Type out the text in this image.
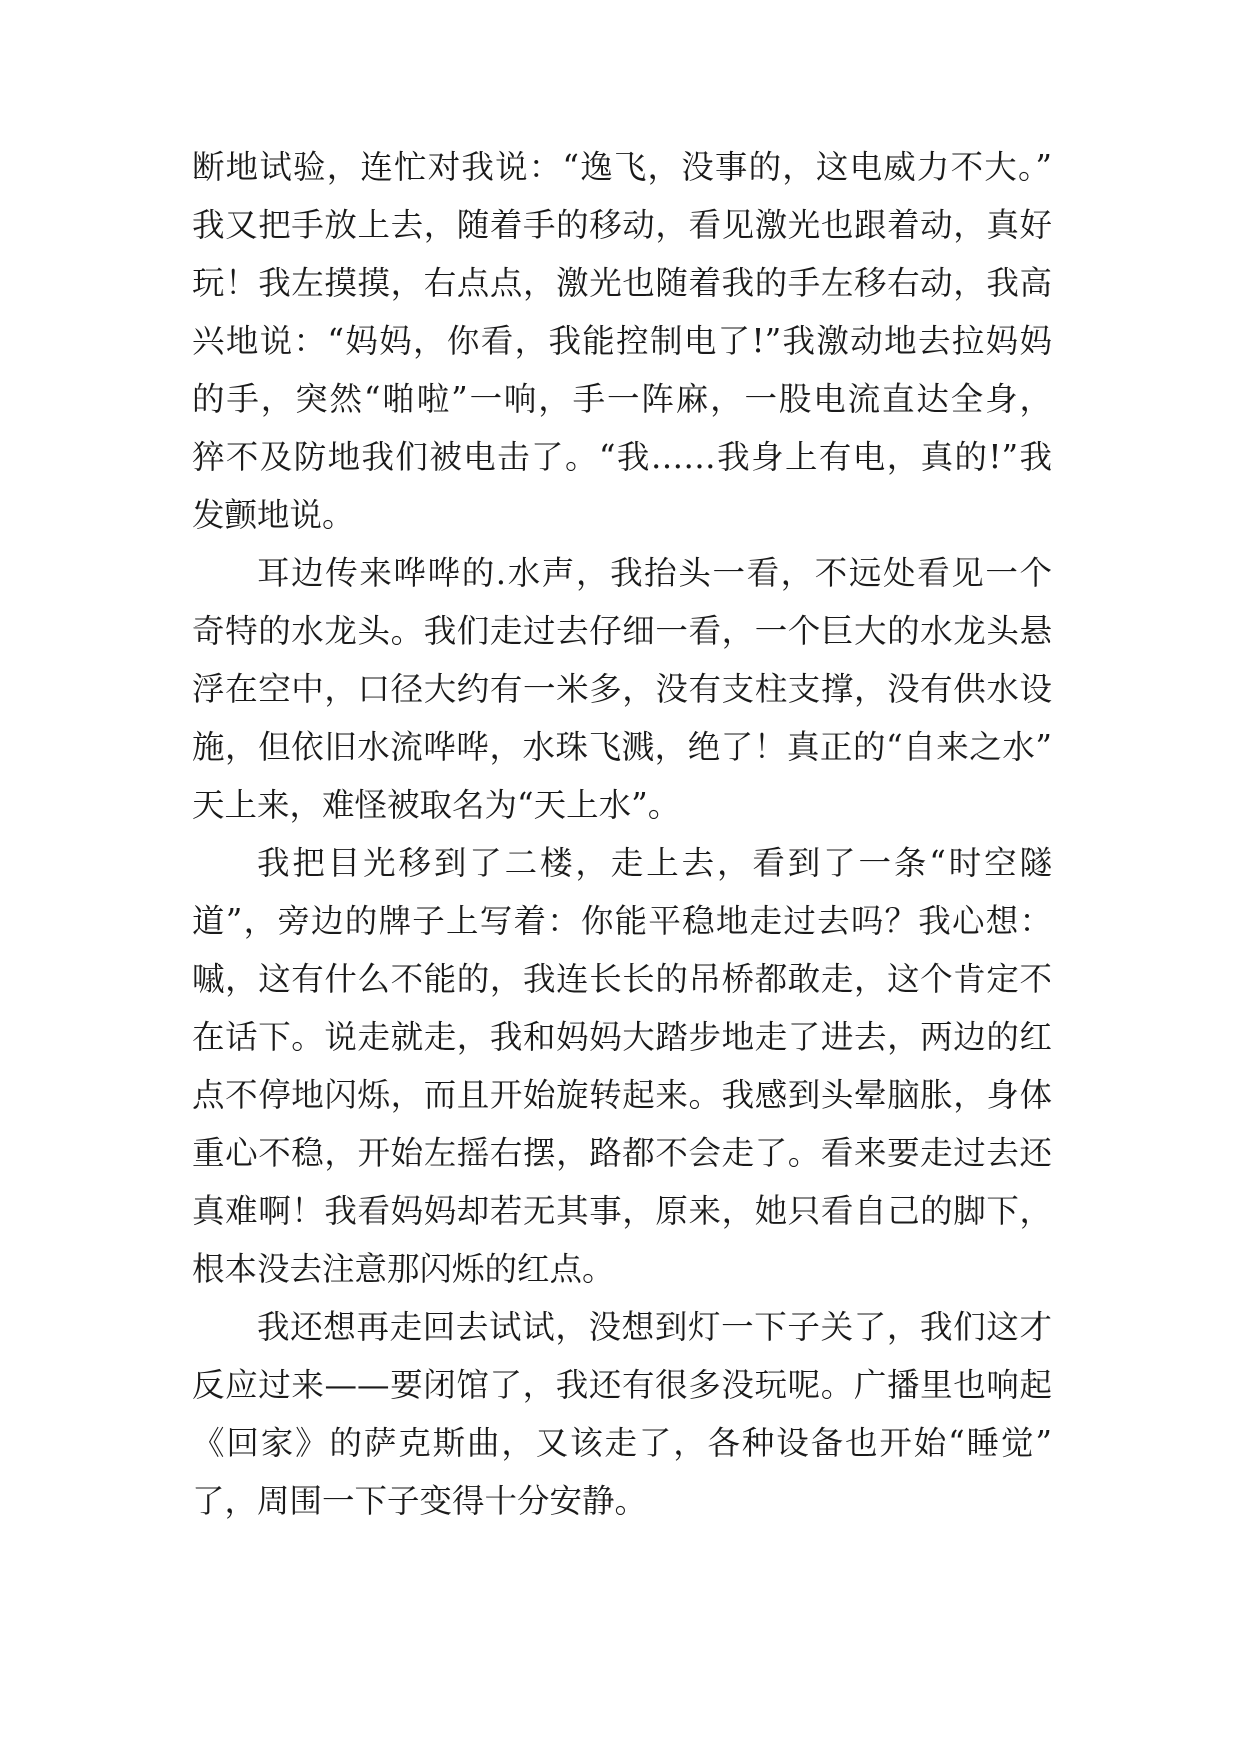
断地试验，连忙对我说：“逸飞，没事的，这电威力不大。”
我又把手放上去，随着手的移动，看见激光也跟着动，真好
玩！我左摸摸，右点点，激光也随着我的手左移右动，我高
兴地说：“妈妈，你看，我能控制电了!”我激动地去拉妈妈
的手，突然“啪啦”一响，手一阵麻，一股电流直达全身，
猝不及防地我们被电击了。“我……我身上有电，真的!”我
发颤地说。
耳边传来哗哗的.水声，我抬头一看，不远处看见一个
奇特的水龙头。我们走过去仔细一看，一个巨大的水龙头悬
浮在空中，口径大约有一米多，没有支柱支撑，没有供水设
施，但依旧水流哗哗，水珠飞溅，绝了！真正的“自来之水”
天上来，难怪被取名为“天上水”。
我把目光移到了二楼，走上去，看到了一条“时空隧
道”，旁边的牌子上写着：你能平稳地走过去吗？我心想：
嘁，这有什么不能的，我连长长的吊桥都敢走，这个肯定不
在话下。说走就走，我和妈妈大踏步地走了进去，两边的红
点不停地闪烁，而且开始旋转起来。我感到头晕脑胀，身体
重心不稳，开始左摇右摆，路都不会走了。看来要走过去还
真难啊！我看妈妈却若无其事，原来，她只看自己的脚下，
根本没去注意那闪烁的红点。
我还想再走回去试试，没想到灯一下子关了，我们这才
反应过来——要闭馆了，我还有很多没玩呢。广播里也响起
《回家》的萨克斯曲，又该走了，各种设备也开始“睡觉”
了，周围一下子变得十分安静。
